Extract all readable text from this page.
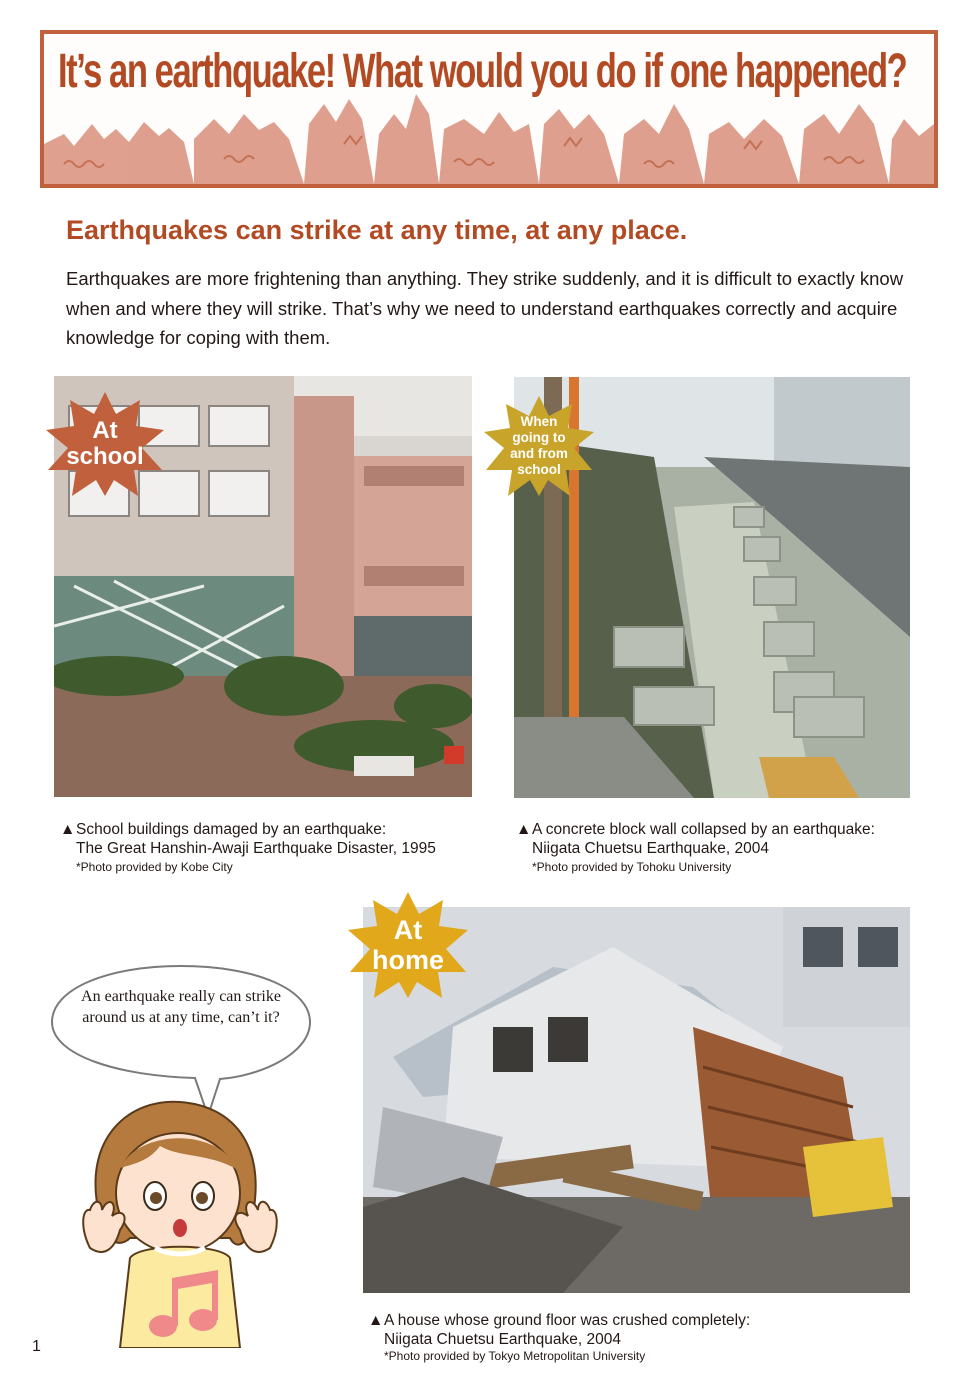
It’s an earthquake! What would you do if one happened?
Earthquakes can strike at any time, at any place.
Earthquakes are more frightening than anything. They strike suddenly, and it is difficult to exactly know when and where they will strike. That’s why we need to understand earthquakes correctly and acquire knowledge for coping with them.
At
school
When
going to
and from
school
▲School buildings damaged by an earthquake:
The Great Hanshin-Awaji Earthquake Disaster, 1995
*Photo provided by Kobe City
▲A concrete block wall collapsed by an earthquake:
Niigata Chuetsu Earthquake, 2004
*Photo provided by Tohoku University
At
home
▲A house whose ground floor was crushed completely:
Niigata Chuetsu Earthquake, 2004
*Photo provided by Tokyo Metropolitan University
An earthquake really can strike around us at any time, can’t it?
1
